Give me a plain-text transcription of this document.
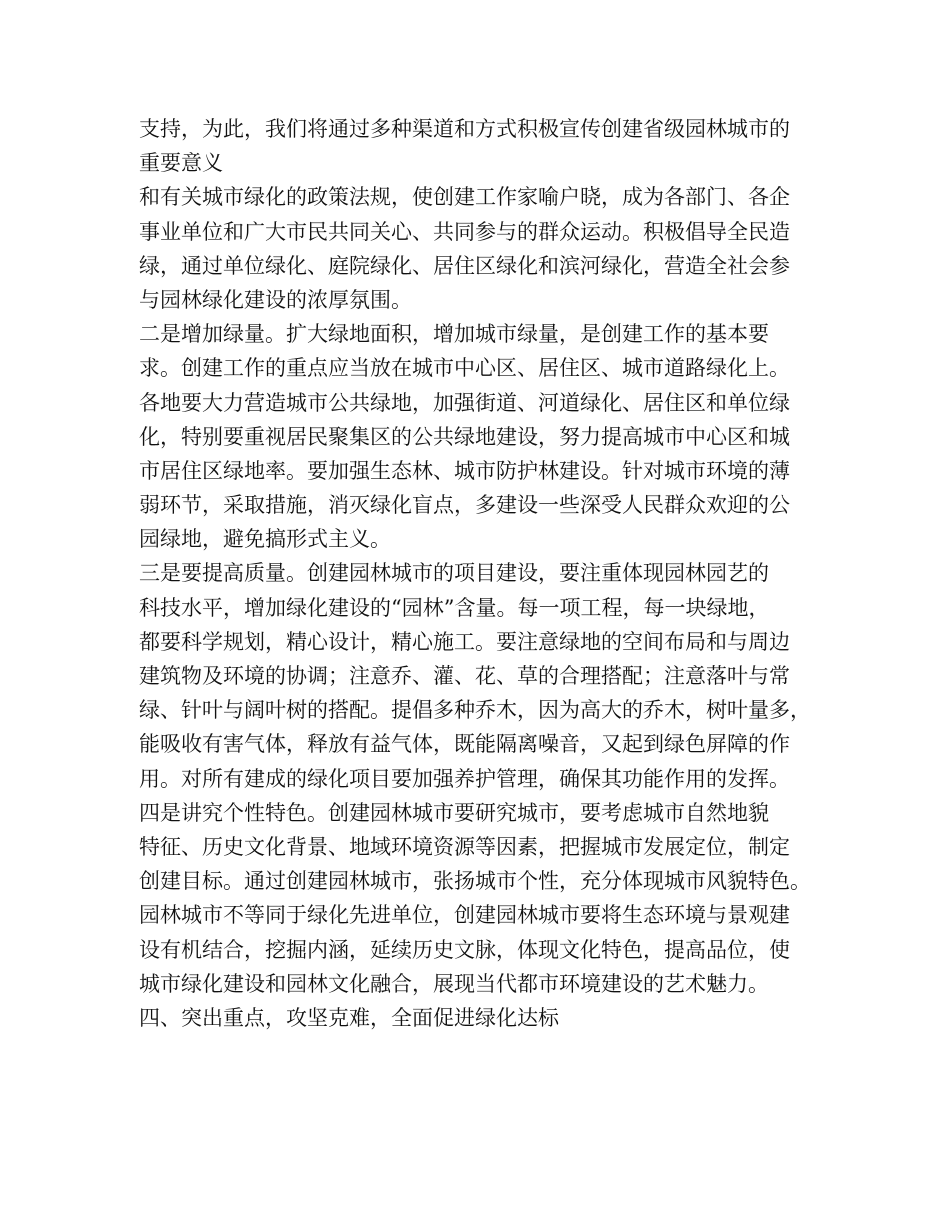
支持，为此，我们将通过多种渠道和方式积极宣传创建省级园林城市的
重要意义
和有关城市绿化的政策法规，使创建工作家喻户晓，成为各部门、各企
事业单位和广大市民共同关心、共同参与的群众运动。积极倡导全民造
绿，通过单位绿化、庭院绿化、居住区绿化和滨河绿化，营造全社会参
与园林绿化建设的浓厚氛围。
二是增加绿量。扩大绿地面积，增加城市绿量，是创建工作的基本要
求。创建工作的重点应当放在城市中心区、居住区、城市道路绿化上。
各地要大力营造城市公共绿地，加强街道、河道绿化、居住区和单位绿
化，特别要重视居民聚集区的公共绿地建设，努力提高城市中心区和城
市居住区绿地率。要加强生态林、城市防护林建设。针对城市环境的薄
弱环节，采取措施，消灭绿化盲点，多建设一些深受人民群众欢迎的公
园绿地，避免搞形式主义。
三是要提高质量。创建园林城市的项目建设，要注重体现园林园艺的
科技水平，增加绿化建设的“园林”含量。每一项工程，每一块绿地，
都要科学规划，精心设计，精心施工。要注意绿地的空间布局和与周边
建筑物及环境的协调；注意乔、灌、花、草的合理搭配；注意落叶与常
绿、针叶与阔叶树的搭配。提倡多种乔木，因为高大的乔木，树叶量多，
能吸收有害气体，释放有益气体，既能隔离噪音，又起到绿色屏障的作
用。对所有建成的绿化项目要加强养护管理，确保其功能作用的发挥。
四是讲究个性特色。创建园林城市要研究城市，要考虑城市自然地貌
特征、历史文化背景、地域环境资源等因素，把握城市发展定位，制定
创建目标。通过创建园林城市，张扬城市个性，充分体现城市风貌特色。
园林城市不等同于绿化先进单位，创建园林城市要将生态环境与景观建
设有机结合，挖掘内涵，延续历史文脉，体现文化特色，提高品位，使
城市绿化建设和园林文化融合，展现当代都市环境建设的艺术魅力。
四、突出重点，攻坚克难，全面促进绿化达标
